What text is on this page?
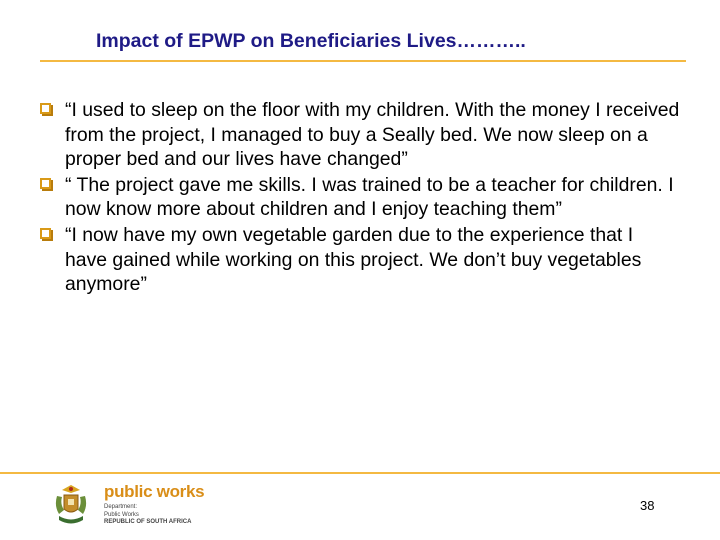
Impact of EPWP on Beneficiaries Lives………..
“I used to sleep on the floor with my children. With the money I received from the project, I managed to buy a Seally bed. We now sleep on a proper bed and our lives have changed”
“ The project gave me skills. I was trained to be a teacher for children. I now know more about children and I enjoy teaching them”
“I now have my own vegetable garden due to the experience that I have gained while working on this project. We don’t buy vegetables anymore”
public works
Department:
Public Works
REPUBLIC OF SOUTH AFRICA
38
